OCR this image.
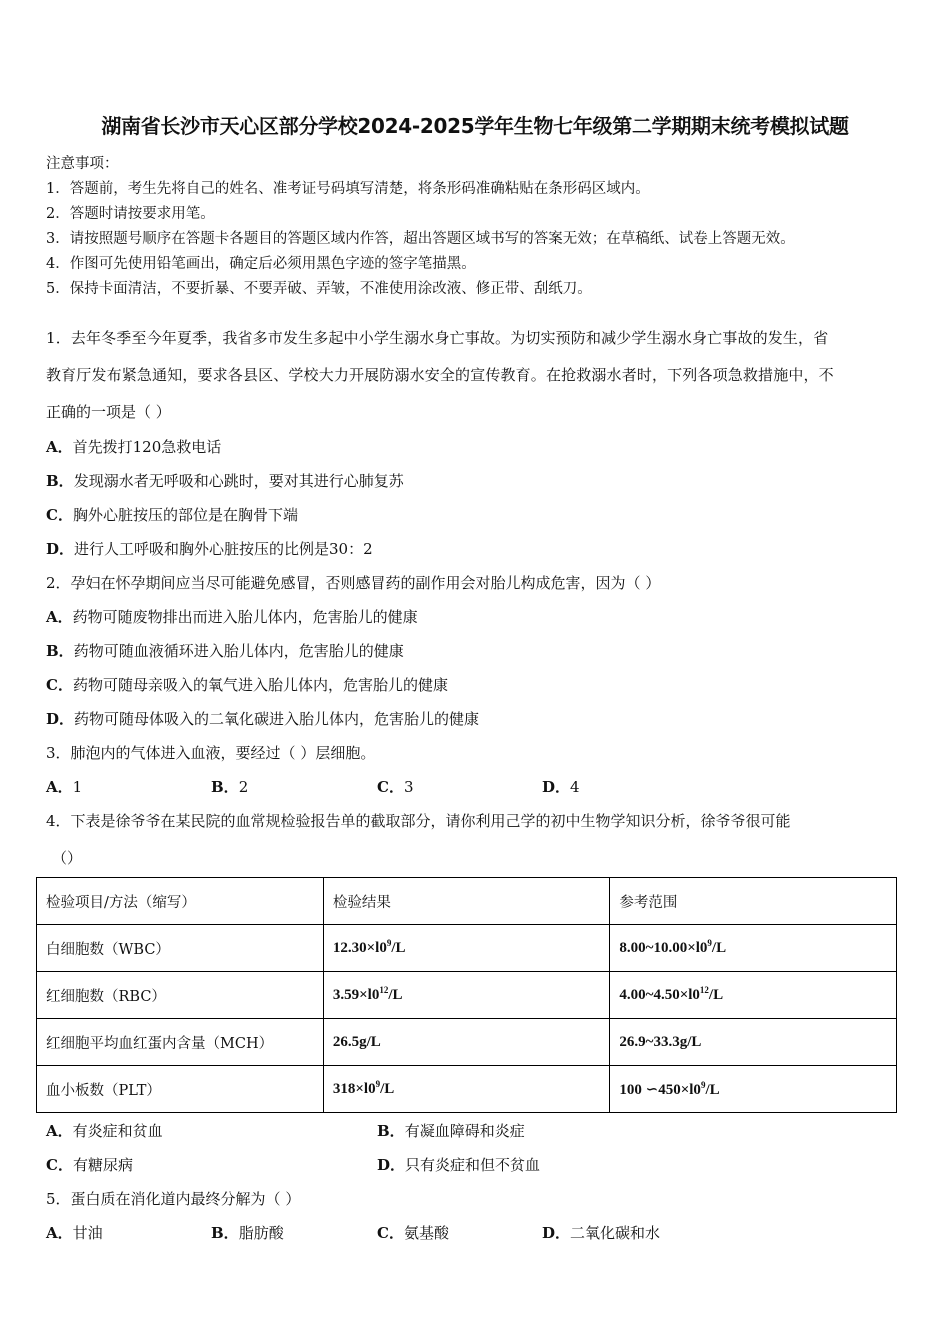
湖南省长沙市天心区部分学校2024-2025学年生物七年级第二学期期末统考模拟试题
注意事项：
1．答题前，考生先将自己的姓名、准考证号码填写清楚，将条形码准确粘贴在条形码区域内。
2．答题时请按要求用笔。
3．请按照题号顺序在答题卡各题目的答题区域内作答，超出答题区域书写的答案无效；在草稿纸、试卷上答题无效。
4．作图可先使用铅笔画出，确定后必须用黑色字迹的签字笔描黑。
5．保持卡面清洁，不要折暴、不要弄破、弄皱，不准使用涂改液、修正带、刮纸刀。
1．去年冬季至今年夏季，我省多市发生多起中小学生溺水身亡事故。为切实预防和减少学生溺水身亡事故的发生，省
教育厅发布紧急通知，要求各县区、学校大力开展防溺水安全的宣传教育。在抢救溺水者时，下列各项急救措施中，不
正确的一项是（ ）
A．首先拨打120急救电话
B．发现溺水者无呼吸和心跳时，要对其进行心肺复苏
C．胸外心脏按压的部位是在胸骨下端
D．进行人工呼吸和胸外心脏按压的比例是30：2
2．孕妇在怀孕期间应当尽可能避免感冒，否则感冒药的副作用会对胎儿构成危害，因为（ ）
A．药物可随废物排出而进入胎儿体内，危害胎儿的健康
B．药物可随血液循环进入胎儿体内，危害胎儿的健康
C．药物可随母亲吸入的氧气进入胎儿体内，危害胎儿的健康
D．药物可随母体吸入的二氧化碳进入胎儿体内，危害胎儿的健康
3．肺泡内的气体进入血液，要经过（ ）层细胞。
A．1	B．2	C．3	D．4
4．下表是徐爷爷在某民院的血常规检验报告单的截取部分，请你利用己学的初中生物学知识分析，徐爷爷很可能
（）
检验项目/方法（缩写）	检验结果	参考范围
白细胞数（WBC）	$12.30\times l0^9/L$	$8.00\sim 10.00\times l0^9/L$
红细胞数（RBC）	$3.59\times l0^{12}/L$	$4.00\sim 4.50\times l0^{12}/L$
红细胞平均血红蛋内含量（MCH）	26.5g/L	26.9~33.3g/L
血小板数（PLT）	$318\times l0^9/L$	100 $∽450\times l0^9/L$
A．有炎症和贫血	B．有凝血障碍和炎症
C．有糖尿病	D．只有炎症和但不贫血
5．蛋白质在消化道内最终分解为（ ）
A．甘油	B．脂肪酸	C．氨基酸	D．二氧化碳和水
